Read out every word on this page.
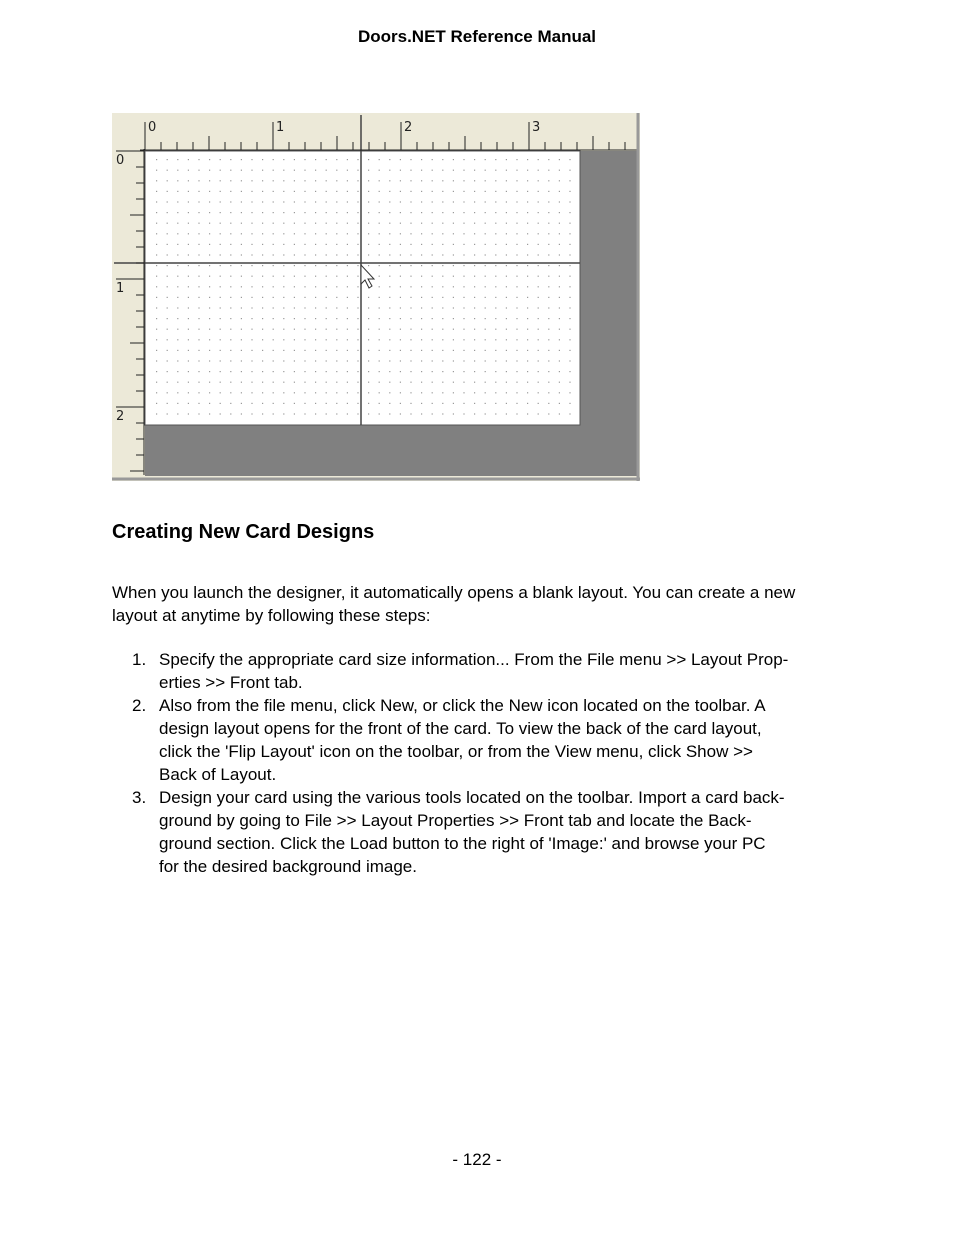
Doors.NET Reference Manual
0	1	2	3
0
1
2
Creating New Card Designs
When you launch the designer, it automatically opens a blank layout. You can create a new layout at anytime by following these steps:
1. Specify the appropriate card size information... From the File menu >> Layout Prop-
erties >> Front tab.
2. Also from the file menu, click New, or click the New icon located on the toolbar. A
design layout opens for the front of the card. To view the back of the card layout,
click the 'Flip Layout' icon on the toolbar, or from the View menu, click Show >>
Back of Layout.
3. Design your card using the various tools located on the toolbar. Import a card back-
ground by going to File >> Layout Properties >> Front tab and locate the Back-
ground section. Click the Load button to the right of 'Image:' and browse your PC
for the desired background image.
- 122 -
